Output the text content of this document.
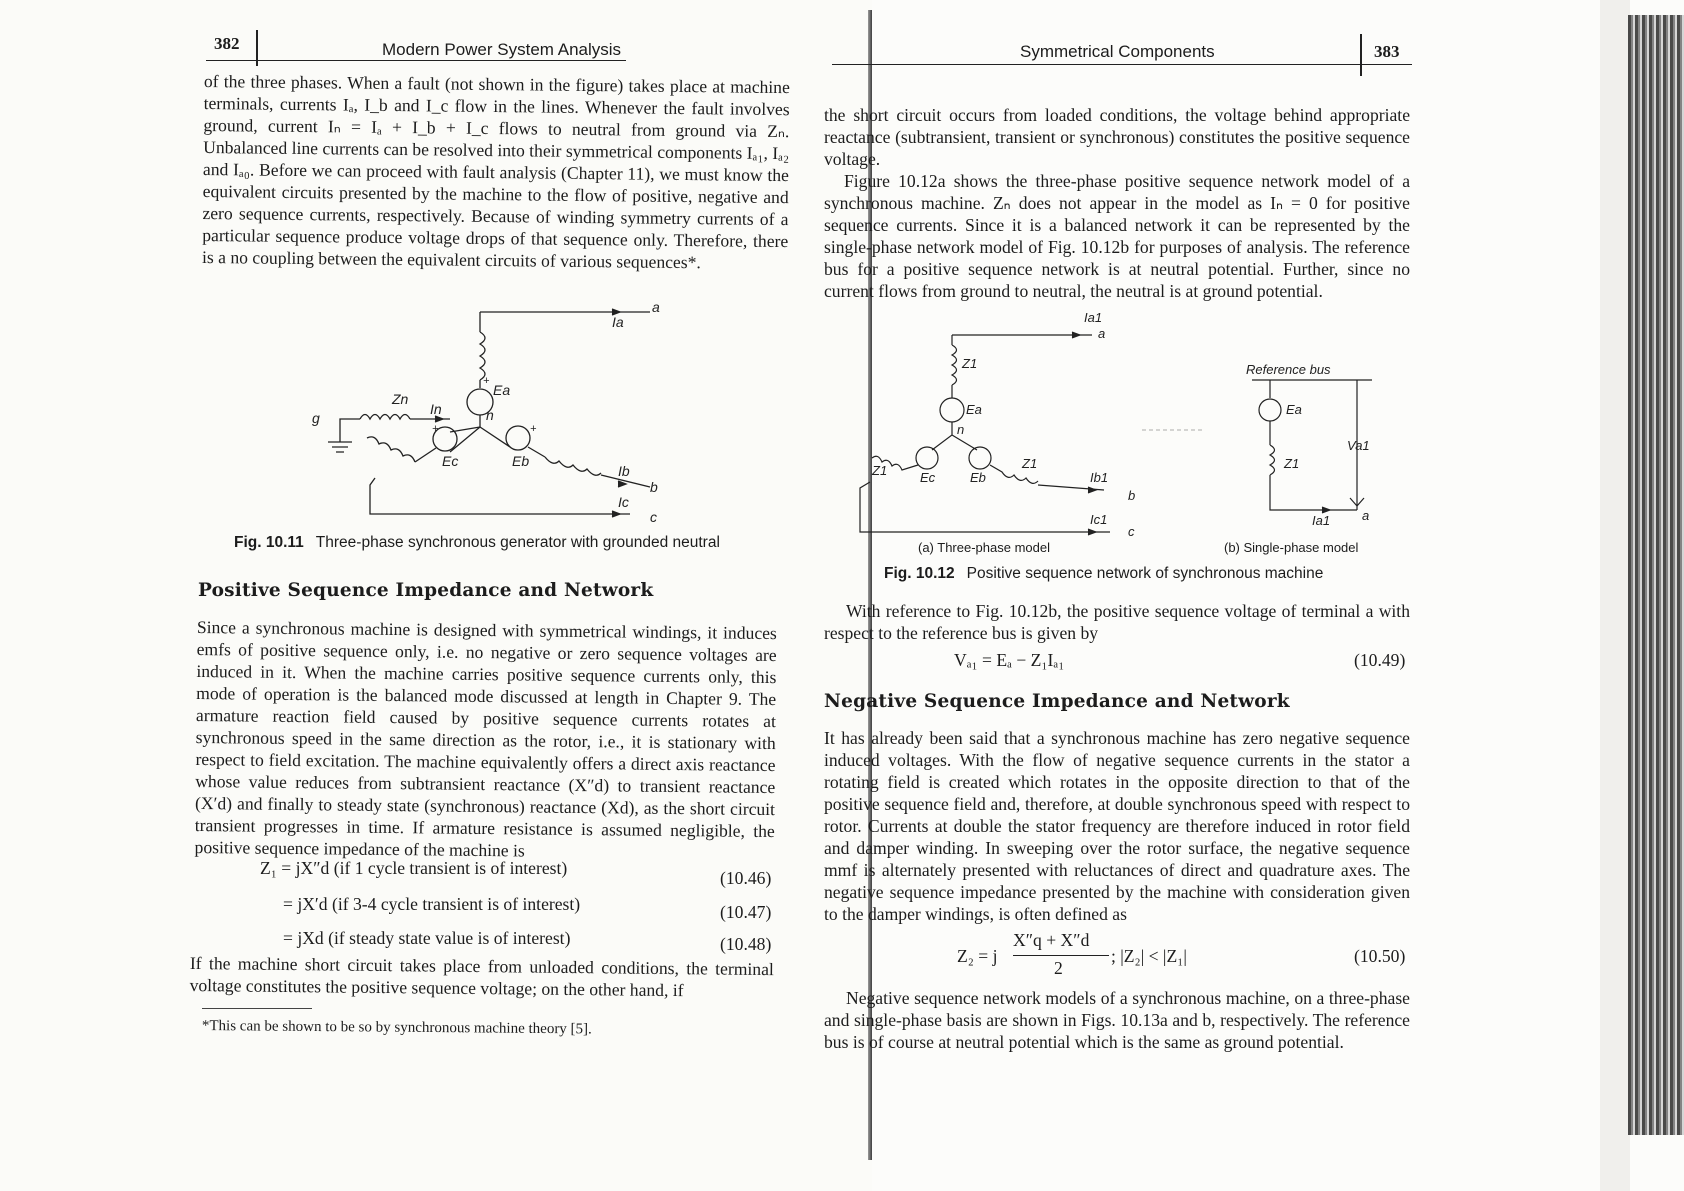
382	Modern Power System Analysis

of the three phases. When a fault (not shown in the figure) takes place at machine terminals, currents Iₐ, I_b and I_c flow in the lines. Whenever the fault involves ground, current Iₙ = Iₐ + I_b + I_c flows to neutral from ground via Zₙ. Unbalanced line currents can be resolved into their symmetrical components Iₐ₁, Iₐ₂ and Iₐ₀. Before we can proceed with fault analysis (Chapter 11), we must know the equivalent circuits presented by the machine to the flow of positive, negative and zero sequence currents, respectively. Because of winding symmetry currents of a particular sequence produce voltage drops of that sequence only. Therefore, there is a no coupling between the equivalent circuits of various sequences*.

a
Ia
Ea
n
Zn
In
g
Ec	Eb
Ib
b
Ic
c
+	+
+
Fig. 10.11 Three-phase synchronous generator with grounded neutral
Positive Sequence Impedance and Network

Since a synchronous machine is designed with symmetrical windings, it induces emfs of positive sequence only, i.e. no negative or zero sequence voltages are induced in it. When the machine carries positive sequence currents only, this mode of operation is the balanced mode discussed at length in Chapter 9. The armature reaction field caused by positive sequence currents rotates at synchronous speed in the same direction as the rotor, i.e., it is stationary with respect to field excitation. The machine equivalently offers a direct axis reactance whose value reduces from subtransient reactance (X″d) to transient reactance (X′d) and finally to steady state (synchronous) reactance (Xd), as the short circuit transient progresses in time. If armature resistance is assumed negligible, the positive sequence impedance of the machine is

Z₁ = jX″d (if 1 cycle transient is of interest)	(10.46)
= jX′d (if 3-4 cycle transient is of interest)	(10.47)
= jXd (if steady state value is of interest)	(10.48)

If the machine short circuit takes place from unloaded conditions, the terminal voltage constitutes the positive sequence voltage; on the other hand, if

*This can be shown to be so by synchronous machine theory [5].
Symmetrical Components	383

the short circuit occurs from loaded conditions, the voltage behind appropriate reactance (subtransient, transient or synchronous) constitutes the positive sequence voltage.

Figure 10.12a shows the three-phase positive sequence network model of a synchronous machine. Zₙ does not appear in the model as Iₙ = 0 for positive sequence currents. Since it is a balanced network it can be represented by the single-phase network model of Fig. 10.12b for purposes of analysis. The reference bus for a positive sequence network is at neutral potential. Further, since no current flows from ground to neutral, the neutral is at ground potential.

Ia1
a
Z1
Ea
n
Z1	Ec	Eb
Z1
Ib1
b
Ic1
c
Reference bus
Ea
Z1
Va1
Ia1 a
(a) Three-phase model	(b) Single-phase model
Fig. 10.12 Positive sequence network of synchronous machine

With reference to Fig. 10.12b, the positive sequence voltage of terminal a with respect to the reference bus is given by

Vₐ₁ = Eₐ − Z₁Iₐ₁	(10.49)
Negative Sequence Impedance and Network

It has already been said that a synchronous machine has zero negative sequence induced voltages. With the flow of negative sequence currents in the stator a rotating field is created which rotates in the opposite direction to that of the positive sequence field and, therefore, at double synchronous speed with respect to rotor. Currents at double the stator frequency are therefore induced in rotor field and damper winding. In sweeping over the rotor surface, the negative sequence mmf is alternately presented with reluctances of direct and quadrature axes. The negative sequence impedance presented by the machine with consideration given to the damper windings, is often defined as

Z₂ = j
X″q + X″d
2
; |Z₂| < |Z₁|	(10.50)

Negative sequence network models of a synchronous machine, on a three-phase and single-phase basis are shown in Figs. 10.13a and b, respectively. The reference bus is of course at neutral potential which is the same as ground potential.
